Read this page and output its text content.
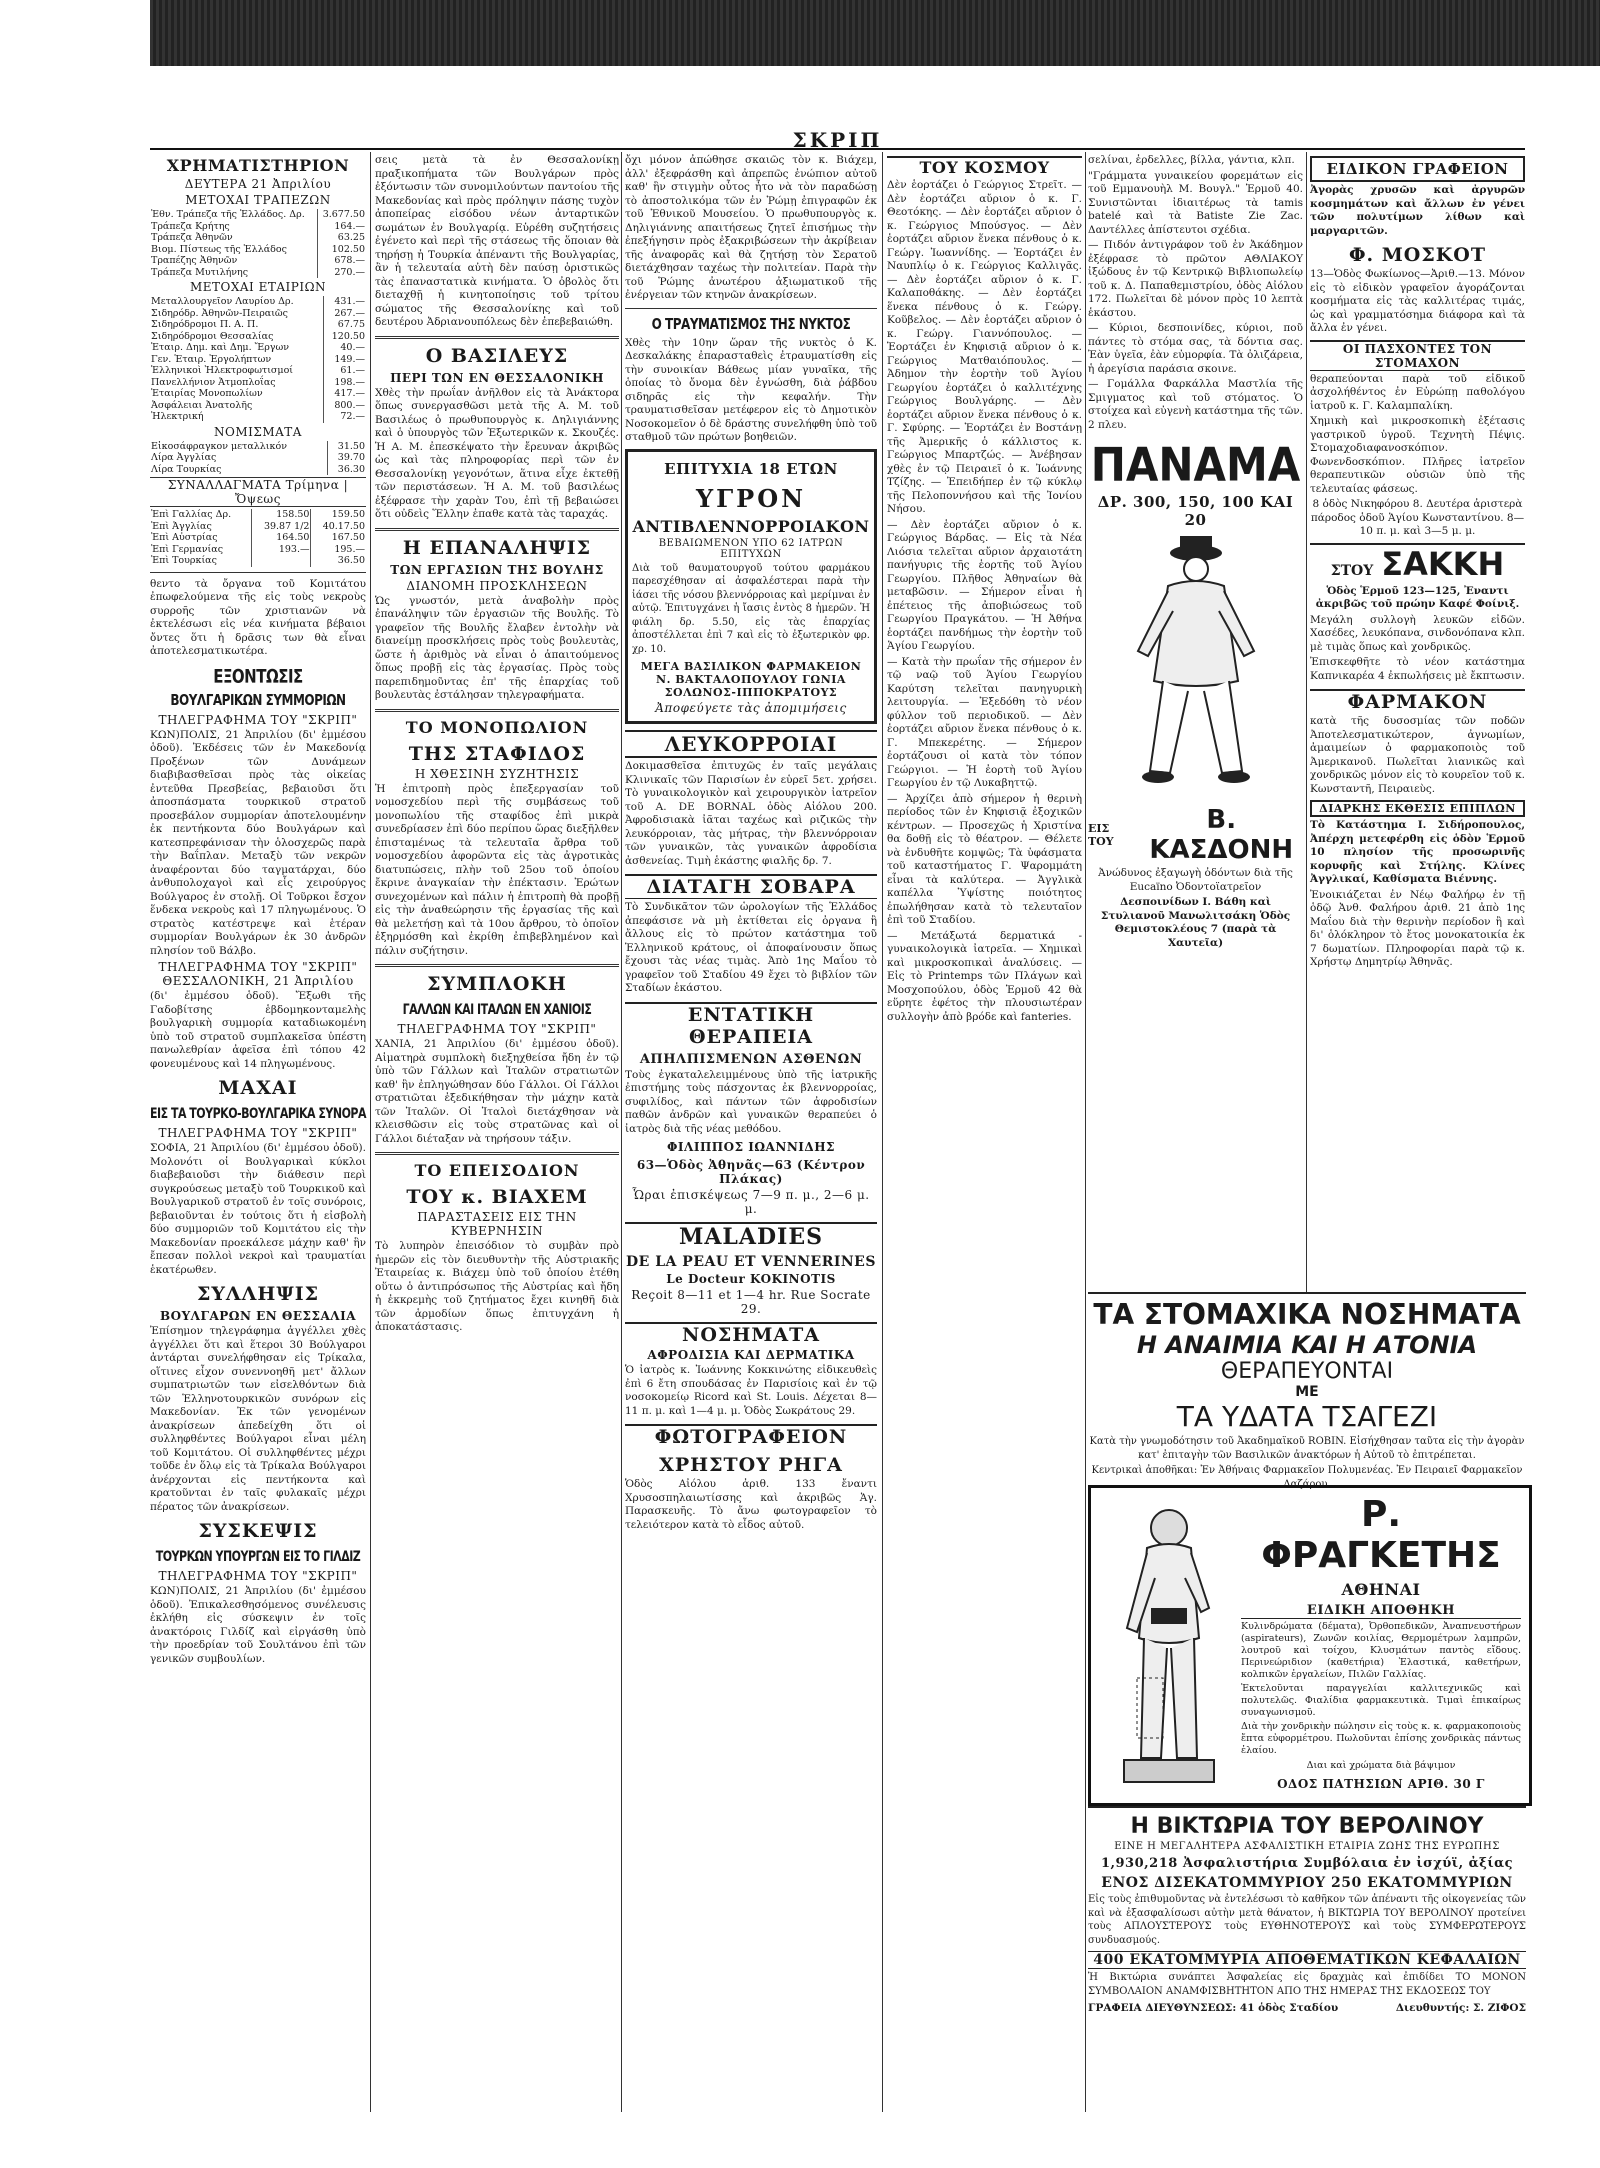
ΣΚΡΙΠ
ΧΡΗΜΑΤΙΣΤΗΡΙΟΝ
ΔΕΥΤΕΡΑ 21 Ἀπριλίου
ΜΕΤΟΧΑΙ ΤΡΑΠΕΖΩΝ
Ἐθν. Τράπεζα τῆς Ἑλλάδος. Δρ.	3.677.50
Τράπεζα Κρήτης	164.—
Τράπεζα Ἀθηνῶν	63.25
Βιομ. Πίστεως τῆς Ἑλλάδος	102.50
Τραπέζης Ἀθηνῶν	678.—
Τράπεζα Μυτιλήνης	270.—
ΜΕΤΟΧΑΙ ΕΤΑΙΡΙΩΝ
Μεταλλουργεῖον Λαυρίου Δρ.	431.—
Σιδηρόδρ. Ἀθηνῶν-Πειραιῶς	267.—
Σιδηρόδρομοι Π. Α. Π.	67.75
Σιδηρόδρομοι Θεσσαλίας	120.50
Ἑταιρ. Δημ. καὶ Δημ. Ἔργων	40.—
Γεν. Ἑταιρ. Ἐργολήπτων	149.—
Ἑλληνικοὶ Ἠλεκτροφωτισμοί	61.—
Πανελλήνιον Ἀτμοπλοΐας	198.—
Ἑταιρίας Μονοπωλίων	417.—
Ἀσφάλειαι Ἀνατολῆς	800.—
Ἠλεκτρική	72.—
ΝΟΜΙΣΜΑΤΑ
Εἰκοσάφραγκον μεταλλικόν	31.50
Λίρα Ἀγγλίας	39.70
Λίρα Τουρκίας	36.30
ΣΥΝΑΛΛΑΓΜΑΤΑ Τρίμηνα | Ὄψεως
Ἐπὶ Γαλλίας Δρ.	158.50	159.50
Ἐπὶ Ἀγγλίας	39.87 1/2	40.17.50
Ἐπὶ Αὐστρίας	164.50	167.50
Ἐπὶ Γερμανίας	193.—	195.—
Ἐπὶ Τουρκίας		36.50
θεντο τὰ ὄργανα τοῦ Κομιτάτου ἐπωφελούμενα τῆς εἰς τοὺς νεκροὺς συρροῆς τῶν χριστιανῶν νὰ ἐκτελέσωσι εἰς νέα κινήματα βέβαιοι ὄντες ὅτι ἡ δρᾶσις των θὰ εἶναι ἀποτελεσματικωτέρα.
ΕΞΟΝΤΩΣΙΣ
ΒΟΥΛΓΑΡΙΚΩΝ ΣΥΜΜΟΡΙΩΝ
ΤΗΛΕΓΡΑΦΗΜΑ ΤΟΥ "ΣΚΡΙΠ"
ΚΩΝ)ΠΟΛΙΣ, 21 Ἀπριλίου (δι' ἐμμέσου ὁδοῦ). Ἐκδέσεις τῶν ἐν Μακεδονίᾳ Προξένων τῶν Δυνάμεων διαβιβασθεῖσαι πρὸς τὰς οἰκείας ἐντεῦθα Πρεσβείας, βεβαιοῦσι ὅτι ἀποσπάσματα τουρκικοῦ στρατοῦ προσεβάλον συμμορίαν ἀποτελουμένην ἐκ πεντήκοντα δύο Βουλγάρων καὶ κατεσπρεφάνισαν τὴν ὁλοσχερῶς παρὰ τὴν Βαΐπλαν. Μεταξὺ τῶν νεκρῶν ἀναφέρονται δύο ταγματάρχαι, δύο ἀνθυπολοχαγοὶ καὶ εἷς χειρούργος Βούλγαρος ἐν στολῇ. Οἱ Τοῦρκοι ἔσχον ἕνδεκα νεκροὺς καὶ 17 πληγωμένους. Ὁ στρατὸς κατέστρεψε καὶ ἑτέραν συμμορίαν Βουλγάρων ἐκ 30 ἀνδρῶν πλησίον τοῦ Βάλβο.
ΤΗΛΕΓΡΑΦΗΜΑ ΤΟΥ "ΣΚΡΙΠ" ΘΕΣΣΑΛΟΝΙΚΗ, 21 Ἀπριλίου
(δι' ἐμμέσου ὁδοῦ). Ἔξωθι τῆς Γαδοβίτσης ἑβδομηκονταμελὴς βουλγαρικὴ συμμορία καταδιωκομένη ὑπὸ τοῦ στρατοῦ συμπλακεῖσα ὑπέστη πανωλεθρίαν ἀφεῖσα ἐπὶ τόπου 42 φονευμένους καὶ 14 πληγωμένους.
ΜΑΧΑΙ
ΕΙΣ ΤΑ ΤΟΥΡΚΟ-ΒΟΥΛΓΑΡΙΚΑ ΣΥΝΟΡΑ
ΤΗΛΕΓΡΑΦΗΜΑ ΤΟΥ "ΣΚΡΙΠ"
ΣΟΦΙΑ, 21 Ἀπριλίου (δι' ἐμμέσου ὁδοῦ). Μολονότι οἱ Βουλγαρικαὶ κύκλοι διαβεβαιοῦσι τὴν διάθεσιν περὶ συγκρούσεως μεταξὺ τοῦ Τουρκικοῦ καὶ Βουλγαρικοῦ στρατοῦ ἐν τοῖς συνόροις, βεβαιοῦνται ἐν τούτοις ὅτι ἡ εἰσβολὴ δύο συμμοριῶν τοῦ Κομιτάτου εἰς τὴν Μακεδονίαν προεκάλεσε μάχην καθ' ἣν ἔπεσαν πολλοὶ νεκροὶ καὶ τραυματίαι ἑκατέρωθεν.
ΣΥΛΛΗΨΙΣ
ΒΟΥΛΓΑΡΩΝ ΕΝ ΘΕΣΣΑΛΙΑ
Ἐπίσημον τηλεγράφημα ἀγγέλλει χθὲς ἀγγέλλει ὅτι καὶ ἕτεροι 30 Βούλγαροι ἀντάρται συνελήφθησαν εἰς Τρίκαλα, οἵτινες εἶχον συνεννοηθῆ μετ' ἄλλων συμπατριωτῶν των εἰσελθόντων διὰ τῶν Ἑλληνοτουρκικῶν συνόρων εἰς Μακεδονίαν. Ἐκ τῶν γενομένων ἀνακρίσεων ἀπεδείχθη ὅτι οἱ συλληφθέντες Βούλγαροι εἶναι μέλη τοῦ Κομιτάτου. Οἱ συλληφθέντες μέχρι τοῦδε ἐν ὅλῳ εἰς τὰ Τρίκαλα Βούλγαροι ἀνέρχονται εἰς πεντήκοντα καὶ κρατοῦνται ἐν ταῖς φυλακαῖς μέχρι πέρατος τῶν ἀνακρίσεων.
ΣΥΣΚΕΨΙΣ
ΤΟΥΡΚΩΝ ΥΠΟΥΡΓΩΝ ΕΙΣ ΤΟ ΓΙΛΔΙΖ
ΤΗΛΕΓΡΑΦΗΜΑ ΤΟΥ "ΣΚΡΙΠ"
ΚΩΝ)ΠΟΛΙΣ, 21 Ἀπριλίου (δι' ἐμμέσου ὁδοῦ). Ἐπικαλεσθησόμενος συνέλευσις ἐκλήθη εἰς σύσκεψιν ἐν τοῖς ἀνακτόροις Γιλδίζ καὶ εἰργάσθη ὑπὸ τὴν προεδρίαν τοῦ Σουλτάνου ἐπὶ τῶν γενικῶν συμβουλίων.
σεις μετὰ τὰ ἐν Θεσσαλονίκῃ πραξικοπήματα τῶν Βουλγάρων πρὸς ἐξόντωσιν τῶν συνομιλούντων παντοίου τῆς Μακεδονίας καὶ πρὸς πρόληψιν πάσης τυχὸν ἀποπείρας εἰσόδου νέων ἀνταρτικῶν σωμάτων ἐν Βουλγαρίᾳ. Εὑρέθη συζητήσεις ἐγένετο καὶ περὶ τῆς στάσεως τῆς ὅποιαν θὰ τηρήσῃ ἡ Τουρκία ἀπέναντι τῆς Βουλγαρίας, ἂν ἡ τελευταία αὐτὴ δὲν παύσῃ ὁριστικῶς τὰς ἐπαναστατικὰ κινήματα. Ὁ ὀβολὸς ὅτι διεταχθῇ ἡ κινητοποίησις τοῦ τρίτου σώματος τῆς Θεσσαλονίκης καὶ τοῦ δευτέρου Ἀδριανουπόλεως δὲν ἐπεβεβαιώθη.
Ο ΒΑΣΙΛΕΥΣ
ΠΕΡΙ ΤΩΝ ΕΝ ΘΕΣΣΑΛΟΝΙΚΗ
Χθὲς τὴν πρωΐαν ἀνῆλθον εἰς τὰ Ἀνάκτορα ὅπως συνεργασθῶσι μετὰ τῆς Α. Μ. τοῦ Βασιλέως ὁ πρωθυπουργὸς κ. Δηλιγιάννης καὶ ὁ ὑπουργὸς τῶν Ἐξωτερικῶν κ. Σκουζές. Ἡ Α. Μ. ἐπεσκέψατο τὴν ἔρευναν ἀκριβῶς ὡς καὶ τὰς πληροφορίας περὶ τῶν ἐν Θεσσαλονίκῃ γεγονότων, ἅτινα εἶχε ἐκτεθῇ τῶν περιστάσεων. Ἡ Α. Μ. τοῦ βασιλέως ἐξέφρασε τὴν χαρὰν Του, ἐπὶ τῇ βεβαιώσει ὅτι οὐδεὶς Ἕλλην ἐπαθε κατὰ τὰς ταραχάς.
Η ΕΠΑΝΑΛΗΨΙΣ
ΤΩΝ ΕΡΓΑΣΙΩΝ ΤΗΣ ΒΟΥΛΗΣ
ΔΙΑΝΟΜΗ ΠΡΟΣΚΛΗΣΕΩΝ
Ὡς γνωστόν, μετὰ ἀναβολὴν πρὸς ἐπανάληψιν τῶν ἐργασιῶν τῆς Βουλῆς. Τὸ γραφεῖον τῆς Βουλῆς ἔλαβεν ἐντολὴν νὰ διανείμῃ προσκλήσεις πρὸς τοὺς βουλευτὰς, ὥστε ἡ ἀριθμὸς νὰ εἶναι ὁ ἀπαιτούμενος ὅπως προβῇ εἰς τὰς ἐργασίας. Πρὸς τοὺς παρεπιδημοῦντας ἐπ' τῆς ἐπαρχίας τοῦ βουλευτὰς ἐστάλησαν τηλεγραφήματα.
ΤΟ ΜΟΝΟΠΩΛΙΟΝ
ΤΗΣ ΣΤΑΦΙΔΟΣ
Η ΧΘΕΣΙΝΗ ΣΥΖΗΤΗΣΙΣ
Ἡ ἐπιτροπὴ πρὸς ἐπεξεργασίαν τοῦ νομοσχεδίου περὶ τῆς συμβάσεως τοῦ μονοπωλίου τῆς σταφίδος ἐπὶ μικρὰ συνεδρίασεν ἐπὶ δύο περίπου ὥρας διεξῆλθεν ἐπισταμένως τὰ τελευταῖα ἄρθρα τοῦ νομοσχεδίου ἀφορῶντα εἰς τὰς ἀγροτικὰς διατυπώσεις, πλὴν τοῦ 25ου τοῦ ὁποίου ἔκρινε ἀναγκαίαν τὴν ἐπέκτασιν. Ἐρώτων συνεχομένων καὶ πάλιν ἡ ἐπιτροπὴ θὰ προβῇ εἰς τὴν ἀναθεώρησιν τῆς ἐργασίας τῆς καὶ θὰ μελετήσῃ καὶ τὰ 10ου ἄρθρου, τὸ ὁποῖον ἐξηρμόσθη καὶ ἐκρίθη ἐπιβεβλημένον καὶ πάλιν συζήτησιν.
ΣΥΜΠΛΟΚΗ
ΓΑΛΛΩΝ ΚΑΙ ΙΤΑΛΩΝ ΕΝ ΧΑΝΙΟΙΣ
ΤΗΛΕΓΡΑΦΗΜΑ ΤΟΥ "ΣΚΡΙΠ"
ΧΑΝΙΑ, 21 Ἀπριλίου (δι' ἐμμέσου ὁδοῦ). Αἱματηρὰ συμπλοκὴ διεξηχθείσα ἤδη ἐν τῷ ὑπὸ τῶν Γάλλων καὶ Ἰταλῶν στρατιωτῶν καθ' ἣν ἐπληγώθησαν δύο Γάλλοι. Οἱ Γάλλοι στρατιῶται ἐξεδικήθησαν τὴν μάχην κατὰ τῶν Ἰταλῶν. Οἱ Ἰταλοὶ διετάχθησαν νὰ κλεισθῶσιν εἰς τοὺς στρατῶνας καὶ οἱ Γάλλοι διέταξαν νὰ τηρήσουν τάξιν.
ΤΟ ΕΠΕΙΣΟΔΙΟΝ
ΤΟΥ κ. ΒΙΑΧΕΜ
ΠΑΡΑΣΤΑΣΕΙΣ ΕΙΣ ΤΗΝ ΚΥΒΕΡΝΗΣΙΝ
Τὸ λυπηρὸν ἐπεισόδιον τὸ συμβὰν πρὸ ἡμερῶν εἰς τὸν διευθυντὴν τῆς Αὐστριακῆς Ἐταιρείας κ. Βιάχεμ ὑπὸ τοῦ ὁποίου ἐτέθη οὕτω ὁ ἀντιπρόσωπος τῆς Αὐστρίας καὶ ἤδη ἡ ἐκκρεμὴς τοῦ ζητήματος ἔχει κινηθῆ διὰ τῶν ἁρμοδίων ὅπως ἐπιτυγχάνη ἡ ἀποκατάστασις.
ὄχι μόνον ἀπώθησε σκαιῶς τὸν κ. Βιάχεμ, ἀλλ' ἐξεφράσθη καὶ ἀπρεπῶς ἐνώπιον αὐτοῦ καθ' ἣν στιγμὴν οὗτος ἦτο νὰ τὸν παραδώσῃ τὸ ἀποστολικόμα τῶν ἐν Ῥώμῃ ἐπιγραφῶν ἐκ τοῦ Ἐθνικοῦ Μουσείου. Ὁ πρωθυπουργὸς κ. Δηλιγιάννης απαιτήσεως ζητεῖ ἐπισήμως τὴν ἐπεξήγησιν πρὸς ἐξακριβώσεων τὴν ἀκρίβειαν τῆς ἀναφορᾶς καὶ θὰ ζητήσῃ τὸν Σερατοῦ διετάχθησαν ταχέως τὴν πολιτείαν. Παρὰ τὴν τοῦ Ῥώμης ἀνωτέρου ἀξιωματικοῦ τῆς ἐνέργειαν τῶν κτηνῶν ἀνακρίσεων.
Ο ΤΡΑΥΜΑΤΙΣΜΟΣ ΤΗΣ ΝΥΚΤΟΣ
Χθὲς τὴν 10ην ὥραν τῆς νυκτὸς ὁ Κ. Δεσκαλάκης ἐπαρασταθεὶς ἐτραυματίσθη εἰς τὴν συνοικίαν Βάθεως μίαν γυναῖκα, τῆς ὁποίας τὸ ὄνομα δὲν ἐγνώσθη, διὰ ῥάβδου σιδηρᾶς εἰς τὴν κεφαλήν. Τὴν τραυματισθεῖσαν μετέφερον εἰς τὸ Δημοτικὸν Νοσοκομεῖον ὁ δὲ δράστης συνελήφθη ὑπὸ τοῦ σταθμοῦ τῶν πρώτων βοηθειῶν.
ΕΠΙΤΥΧΙΑ 18 ΕΤΩΝ
ΥΓΡΟΝ
ΑΝΤΙΒΛΕΝΝΟΡΡΟΙΑΚΟΝ
ΒΕΒΑΙΩΜΕΝΟΝ ΥΠΟ 62 ΙΑΤΡΩΝ ΕΠΙΤΥΧΩΝ
Διὰ τοῦ θαυματουργοῦ τούτου φαρμάκου παρεσχέθησαν αἱ ἀσφαλέστεραι παρὰ τὴν ἰάσει τῆς νόσου βλεννόρροιας καὶ μερίμναι ἐν αὐτῷ. Ἐπιτυγχάνει ἡ ἴασις ἐντὸς 8 ἡμερῶν. Ἡ φιάλη δρ. 5.50, εἰς τὰς ἐπαρχίας ἀποστέλλεται ἐπὶ 7 καὶ εἰς τὸ ἐξωτερικὸν φρ. χρ. 10.
ΜΕΓΑ ΒΑΣΙΛΙΚΟΝ ΦΑΡΜΑΚΕΙΟΝ Ν. ΒΑΚΤΑΛΟΠΟΥΛΟΥ ΓΩΝΙΑ ΣΟΛΩΝΟΣ-ΙΠΠΟΚΡΑΤΟΥΣ
Ἀποφεύγετε τὰς ἀπομιμήσεις
ΛΕΥΚΟΡΡΟΙΑΙ
Δοκιμασθεῖσα ἐπιτυχῶς ἐν ταῖς μεγάλαις Κλινικαῖς τῶν Παρισίων ἐν εὑρεῖ 5ετ. χρήσει. Τὸ γυναικολογικὸν καὶ χειρουργικὸν ἰατρεῖον τοῦ Α. DE BORNAL ὁδὸς Αἰόλου 200. Ἀφροδισιακὰ ἰᾶται ταχέως καὶ ριζικῶς τὴν λευκόρροιαν, τὰς μήτρας, τὴν βλεννόρροιαν τῶν γυναικῶν, τὰς γυναικῶν ἀφροδίσια ἀσθενείας. Τιμὴ ἑκάστης φιαλῆς δρ. 7.
ΔΙΑΤΑΓΗ ΣΟΒΑΡΑ
Τὸ Συνδικᾶτον τῶν ὡρολογίων τῆς Ἑλλάδος ἀπεφάσισε νὰ μὴ ἐκτίθεται εἰς ὀργανα ἢ ἄλλους εἰς τὸ πρώτον κατάστημα τοῦ Ἑλληνικοῦ κράτους, οἱ ἀποφαίνουσιν ὅπως ἔχουσι τὰς νέας τιμὰς. Ἀπὸ 1ης Μαΐου τὸ γραφεῖον τοῦ Σταδίου 49 ἔχει τὸ βιβλίον τῶν Σταδίων ἑκάστου.
ΕΝΤΑΤΙΚΗ ΘΕΡΑΠΕΙΑ
ΑΠΗΛΠΙΣΜΕΝΩΝ ΑΣΘΕΝΩΝ
Τοὺς ἐγκαταλελειμμένους ὑπὸ τῆς ἰατρικῆς ἐπιστήμης τοὺς πάσχοντας ἐκ βλεννορροίας, συφιλίδος, καὶ πάντων τῶν ἀφροδισίων παθῶν ἀνδρῶν καὶ γυναικῶν θεραπεύει ὁ ἰατρὸς διὰ τῆς νέας μεθόδου.
ΦΙΛΙΠΠΟΣ ΙΩΑΝΝΙΔΗΣ
63—Ὁδὸς Ἀθηνᾶς—63 (Κέντρον Πλάκας)
Ὧραι ἐπισκέψεως 7—9 π. μ., 2—6 μ. μ.
MALADIES
DE LA PEAU ET VENNERINES
Le Docteur KOKINOTIS
Reçoit 8—11 et 1—4 hr. Rue Socrate 29.
ΝΟΣΗΜΑΤΑ
ΑΦΡΟΔΙΣΙΑ ΚΑΙ ΔΕΡΜΑΤΙΚΑ
Ὁ ἰατρὸς κ. Ἰωάννης Κοκκινώτης εἰδικευθεὶς ἐπὶ 6 ἔτη σπουδάσας ἐν Παρισίοις καὶ ἐν τῷ νοσοκομείῳ Ricord καὶ St. Louis. Δέχεται 8—11 π. μ. καὶ 1—4 μ. μ. Ὁδὸς Σωκράτους 29.
ΦΩΤΟΓΡΑΦΕΙΟΝ
ΧΡΗΣΤΟΥ ΡΗΓΑ
Ὁδὸς Αἰόλου ἀριθ. 133 ἔναντι Χρυσοσπηλαιωτίσσης καὶ ἀκριβῶς Ἁγ. Παρασκευῆς. Τὸ ἄνω φωτογραφεῖον τὸ τελειότερον κατὰ τὸ εἶδος αὐτοῦ.
ΤΟΥ ΚΟΣΜΟΥ
Δὲν ἑορτάζει ὁ Γεώργιος Στρεῖτ. — Δὲν ἑορτάζει αὔριον ὁ κ. Γ. Θεοτόκης. — Δὲν ἑορτάζει αὔριον ὁ κ. Γεώργιος Μπούσγος. — Δὲν ἑορτάζει αὔριον ἕνεκα πένθους ὁ κ. Γεώργ. Ἰωαννίδης. — Ἑορτάζει ἐν Ναυπλίῳ ὁ κ. Γεώργιος Καλλιγᾶς. — Δὲν ἑορτάζει αὔριον ὁ κ. Γ. Καλαποθάκης. — Δὲν ἑορτάζει ἕνεκα πένθους ὁ κ. Γεώργ. Κοῦβελος. — Δὲν ἑορτάζει αὔριον ὁ κ. Γεώργ. Γιαννόπουλος. — Ἑορτάζει ἐν Κηφισιᾷ αὔριον ὁ κ. Γεώργιος Ματθαιόπουλος. — Ἀδημον τὴν ἑορτὴν τοῦ Ἁγίου Γεωργίου ἑορτάζει ὁ καλλιτέχνης Γεώργιος Βουλγάρης. — Δὲν ἑορτάζει αὔριον ἕνεκα πένθους ὁ κ. Γ. Σφύρης. — Ἑορτάζει ἐν Βοστάνῃ τῆς Ἀμερικῆς ὁ κάλλιστος κ. Γεώργιος Μπαρτζώς. — Ἀνέβησαν χθὲς ἐν τῷ Πειραιεῖ ὁ κ. Ἰωάννης Τζίζης. — Ἐπειδήπερ ἐν τῷ κύκλῳ τῆς Πελοποννήσου καὶ τῆς Ἰονίου Νήσου.
— Δὲν ἑορτάζει αὔριον ὁ κ. Γεώργιος Βάρδας. — Εἰς τὰ Νέα Λιόσια τελεῖται αὔριον ἀρχαιοτάτη πανήγυρις τῆς ἑορτῆς τοῦ Ἁγίου Γεωργίου. Πλῆθος Ἀθηναίων θὰ μεταβῶσιν. — Σήμερον εἶναι ἡ ἐπέτειος τῆς ἀποβιώσεως τοῦ Γεωργίου Πραγκάτου. — Ἡ Ἀθήνα ἑορτάζει πανδήμως τὴν ἑορτὴν τοῦ Ἁγίου Γεωργίου.
— Κατὰ τὴν πρωΐαν τῆς σήμερον ἐν τῷ ναῷ τοῦ Ἁγίου Γεωργίου Καρύτση τελεῖται πανηγυρικὴ λειτουργία. — Ἐξεδόθη τὸ νέον φύλλον τοῦ περιοδικοῦ. — Δὲν ἑορτάζει αὔριον ἕνεκα πένθους ὁ κ. Γ. Μπεκερέτης. — Σήμερον ἐορτάζουσι οἱ κατὰ τὸν τόπον Γεώργιοι. — Ἡ ἐορτὴ τοῦ Ἁγίου Γεωργίου ἐν τῷ Λυκαβηττῷ.
— Ἀρχίζει ἀπὸ σήμερον ἡ θερινὴ περίοδος τῶν ἐν Κηφισιᾷ ἐξοχικῶν κέντρων. — Προσεχῶς ἡ Χριστίνα θα δοθῇ εἰς τὸ θέατρον. — Θέλετε νὰ ἐνδυθῆτε κομψῶς; Τὰ ὑφάσματα τοῦ καταστήματος Γ. Ψαρομμάτη εἶναι τὰ καλύτερα. — Ἀγγλικὰ καπέλλα Ὑψίστης ποιότητος ἐπωλήθησαν κατὰ τὸ τελευταῖον ἐπὶ τοῦ Σταδίου.
— Μετάξωτά δερματικά - γυναικολογικὰ ἰατρεῖα. — Χημικαὶ καὶ μικροσκοπικαὶ ἀναλύσεις. — Εἰς τὸ Printemps τῶν Πλάγων καὶ Μοσχοπούλου, ὁδὸς Ἑρμοῦ 42 θὰ εὕρητε ἐφέτος τὴν πλουσιωτέραν συλλογὴν ἀπὸ βρόδε καὶ fanteries.
σελίναι, ἐρδελλες, βίλλα, γάντια, κλπ.
"Γράμματα γυναικείου φορεμάτων εἰς τοῦ Εμμανουὴλ Μ. Βουγλ." Ἑρμοῦ 40. Συνιστῶνται ἰδιαιτέρως τὰ tamis batelé καὶ τὰ Batiste Zie Zac. Δαντέλλες ἀπίστευτοι σχέδια.
— Πιδόν ἀντιγράφον τοῦ ἐν Ἀκάδημον ἐξέφρασε τὸ πρῶτον ΑΘΛΙΑΚΟΥ ἰξώδους ἐν τῷ Κεντρικῷ Βιβλιοπωλείῳ τοῦ κ. Δ. Παπαθεμιστρίου, ὁδὸς Αἰόλου 172. Πωλεῖται δὲ μόνον πρὸς 10 λεπτὰ ἑκάστου.
— Κύριοι, δεσποινίδες, κύριοι, ποῦ πάντες τὸ στόμα σας, τὰ δόντια σας. Ἐὰν ὑγεῖα, ἐὰν εὐμορφία. Τὰ ὀλιζάρεια, ἡ ἀρεγίσια παράσια σκοινε.
— Γομάλλα Φαρκάλλα Μαστλία τῆς Σμιγματος καὶ τοῦ στόματος. Ὁ στοίχεα καὶ εὐγενὴ κατάστημα τῆς τῶν. 2 πλευ.
ΠΑΝΑΜΑ
ΔΡ. 300, 150, 100 ΚΑΙ 20
ΕΙΣ ΤΟΥ
Β. ΚΑΣΔΟΝΗ
Ἀνώδυνος ἐξαγωγὴ ὀδόντων διὰ τῆς Eucaïno Ὀδοντοϊατρεῖον
Δεσποινίδων Ι. Βάθη καὶ Στυλιανοῦ Μανωλιτσάκη Ὁδὸς Θεμιστοκλέους 7 (παρὰ τὰ Χαυτεῖα)
ΕΙΔΙΚΟΝ ΓΡΑΦΕΙΟΝ
Ἀγορὰς χρυσῶν καὶ ἀργυρῶν κοσμημάτων καὶ ἄλλων ἐν γένει τῶν πολυτίμων λίθων καὶ μαργαριτῶν.
Φ. ΜΟΣΚΟΤ
13—Ὁδὸς Φωκίωνος—Ἀριθ.—13. Μόνον εἰς τὸ εἰδικὸν γραφεῖον ἀγοράζονται κοσμήματα εἰς τὰς καλλιτέρας τιμάς, ὡς καὶ γραμματόσημα διάφορα καὶ τὰ ἄλλα ἐν γένει.
ΟΙ ΠΑΣΧΟΝΤΕΣ ΤΟΝ ΣΤΟΜΑΧΟΝ
θεραπεύονται παρὰ τοῦ εἰδικοῦ ἀσχολήθέντος ἐν Εὐρώπῃ παθολόγου ἰατροῦ κ. Γ. Καλαμπαλίκη.
Χημικὴ καὶ μικροσκοπικὴ ἐξέτασις γαστρικοῦ ὑγροῦ. Τεχνητὴ Πέψις. Στομαχοδιαφανοσκόπιον. Φωνενδοσκόπιον. Πλῆρες ἰατρεῖον θεραπευτικῶν οὐσιῶν ὑπὸ τῆς τελευταίας φάσεως.
8 ὁδὸς Νικηφόρου 8. Δευτέρα ἀριστερὰ πάροδος ὁδοῦ Ἁγίου Κωνσταντίνου. 8—10 π. μ. καὶ 3—5 μ. μ.
ΣΤΟΥ ΣΑΚΚΗ
Ὁδὸς Ἑρμοῦ 123—125, Ἐναντι ἀκριβῶς τοῦ πρώην Καφέ Φοίνιξ.
Μεγάλη συλλογὴ λευκῶν εἰδῶν. Χασέδες, λευκόπανα, σινδονόπανα κλπ. μὲ τιμὰς ὅπως καὶ χονδρικῶς.
Ἐπισκεφθῆτε τὸ νέον κατάστημα Καπνικαρέα 4 ἐκπωλήσεις μὲ ἔκπτωσιν.
ΦΑΡΜΑΚΟΝ
κατὰ τῆς δυσοσμίας τῶν ποδῶν Ἀποτελεσματικώτερον, ἀγνωμίων, ἀμαιμείων ὁ φαρμακοποιὸς τοῦ Ἀμερικανοῦ. Πωλεῖται λιανικῶς καὶ χονδρικῶς μόνον εἰς τὸ κουρεῖον τοῦ κ. Κωνσταντῆ, Πειραιεὺς.
ΔΙΑΡΚΗΣ ΕΚΘΕΣΙΣ ΕΠΙΠΛΩΝ
Τὸ Κατάστημα Ι. Σιδήροπουλος, Ἀπέρχη μετεφέρθη εἰς ὁδὸν Ἑρμοῦ 10 πλησίον τῆς προσωρινῆς κορυφῆς καὶ Στήλης. Κλίνες Ἀγγλικαί, Καθίσματα Βιέννης.
Ἐνοικιάζεται ἐν Νέῳ Φαλήρῳ ἐν τῇ ὁδῷ Ἀνθ. Φαλήρου ἀριθ. 21 ἀπὸ 1ης Μαΐου διὰ τὴν θερινὴν περίοδον ἢ καὶ δι' ὁλόκληρον τὸ ἔτος μονοκατοικία ἐκ 7 δωματίων. Πληροφορίαι παρὰ τῷ κ. Χρήστῳ Δημητρίῳ Ἀθηνᾶς.
ΤΑ ΣΤΟΜΑΧΙΚΑ ΝΟΣΗΜΑΤΑ
Η ΑΝΑΙΜΙΑ ΚΑΙ Η ΑΤΟΝΙΑ
ΘΕΡΑΠΕΥΟΝΤΑΙ
ΜΕ
ΤΑ ΥΔΑΤΑ ΤΣΑΓΕΖΙ
Κατὰ τὴν γνωμοδότησιν τοῦ Ἀκαδημαϊκοῦ ROBIN. Εἰσήχθησαν ταῦτα εἰς τὴν ἀγορὰν κατ' ἐπιταγὴν τῶν Βασιλικῶν ἀνακτόρων ἡ Αὐτοῦ τὸ ἐπιτρέπεται.
Κεντρικαὶ ἀποθῆκαι: Ἐν Ἀθήναις Φαρμακεῖον Πολυμενέας. Ἐν Πειραιεῖ Φαρμακεῖον Λαζάρου.
Ρ. ΦΡΑΓΚΕΤΗΣ
ΑΘΗΝΑΙ
ΕΙΔΙΚΗ ΑΠΟΘΗΚΗ
Κυλινδρώματα (δέματα), Ὀρθοπεδικῶν, Ἀναπνευστήρων (aspirateurs), Ζωνῶν κοιλίας, Θερμομέτρων λαμπρῶν, λουτροῦ καὶ τοίχου, Κλυσμάτων παντὸς εἴδους. Περινεώριδιον (καθετήρια) Ἐλαστικά, καθετήρων, κολπικῶν ἐργαλείων, Πιλῶν Γαλλίας.
Ἐκτελοῦνται παραγγελίαι καλλιτεχνικῶς καὶ πολυτελῶς. Φιαλίδια φαρμακευτικὰ. Τιμαὶ ἐπικαίρως συναγωνισμοῦ.
Διὰ τὴν χονδρικὴν πώλησιν εἰς τοὺς κ. κ. φαρμακοποιοὺς ἔπτα εὐφορμέτρου. Πωλοῦνται ἐπίσης χονδρικὰς πάντως ἐλαίου.
Διαι καὶ χρώματα διὰ βάψιμον
ΟΔΟΣ ΠΑΤΗΣΙΩΝ ΑΡΙΘ. 30 Γ
Η ΒΙΚΤΩΡΙΑ ΤΟΥ ΒΕΡΟΛΙΝΟΥ
ΕΙΝΕ Η ΜΕΓΑΛΗΤΕΡΑ ΑΣΦΑΛΙΣΤΙΚΗ ΕΤΑΙΡΙΑ ΖΩΗΣ ΤΗΣ ΕΥΡΩΠΗΣ
1,930,218 Ἀσφαλιστήρια Συμβόλαια ἐν ἰσχύϊ, ἀξίας
ΕΝΟΣ ΔΙΣΕΚΑΤΟΜΜΥΡΙΟΥ 250 ΕΚΑΤΟΜΜΥΡΙΩΝ
Εἰς τοὺς ἐπιθυμοῦντας νὰ ἐντελέσωσι τὸ καθῆκον τῶν ἀπέναντι τῆς οἰκογενείας τῶν καὶ νὰ ἐξασφαλίσωσι αὐτὴν μετὰ θάνατον, ἡ ΒΙΚΤΩΡΙΑ ΤΟΥ ΒΕΡΟΛΙΝΟΥ προτείνει τοὺς ΑΠΛΟΥΣΤΕΡΟΥΣ τοὺς ΕΥΘΗΝΟΤΕΡΟΥΣ καὶ τοὺς ΣΥΜΦΕΡΩΤΕΡΟΥΣ συνδυασμούς.
400 ΕΚΑΤΟΜΜΥΡΙΑ ΑΠΟΘΕΜΑΤΙΚΩΝ ΚΕΦΑΛΑΙΩΝ
Ἡ Βικτώρια συνάπτει Ἀσφαλείας εἰς δραχμὰς καὶ ἐπιδίδει ΤΟ ΜΟΝΟΝ ΣΥΜΒΟΛΑΙΟΝ ΑΝΑΜΦΙΣΒΗΤΗΤΟΝ ΑΠΟ ΤΗΣ ΗΜΕΡΑΣ ΤΗΣ ΕΚΔΟΣΕΩΣ ΤΟΥ
ΓΡΑΦΕΙΑ ΔΙΕΥΘΥΝΣΕΩΣ: 41 ὁδὸς Σταδίου	Διευθυντής: Σ. ΖΙΦΟΣ
